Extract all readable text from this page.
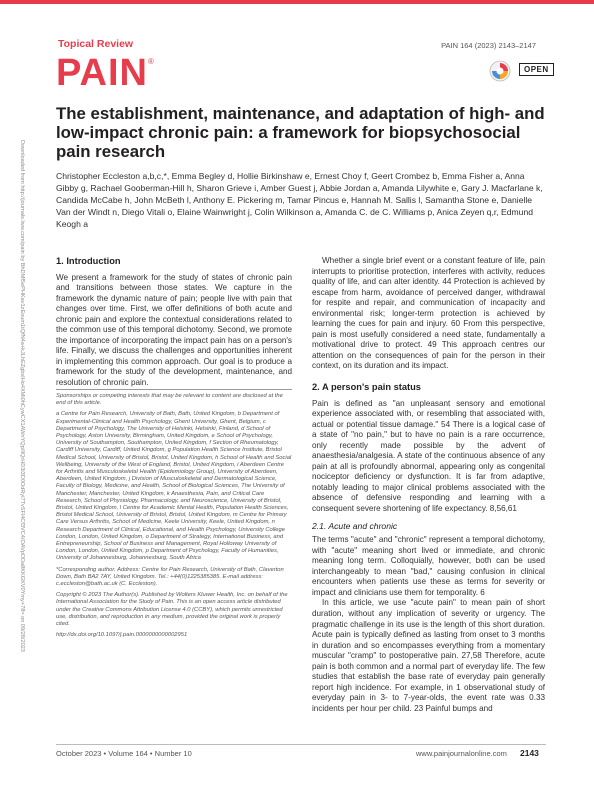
Topical Review
PAIN®
PAIN 164 (2023) 2143–2147
OPEN
Downloaded from http://journals.lww.com/pain by BhDMf5ePHKav1zEoum1tQfN4a+kJLhEZgbsIHo4XMi0hCywCX1AWnYQp/IlQrHD3i3D0OdRyi7TvSFl4Cf3VC4/OAVpDDa8KKGKV0Ymy+78= on 09/28/2023
The establishment, maintenance, and adaptation of high- and low-impact chronic pain: a framework for biopsychosocial pain research
Christopher Eccleston a,b,c,*, Emma Begley d, Hollie Birkinshaw e, Ernest Choy f, Geert Crombez b, Emma Fisher a, Anna Gibby g, Rachael Gooberman-Hill h, Sharon Grieve i, Amber Guest j, Abbie Jordan a, Amanda Lilywhite e, Gary J. Macfarlane k, Candida McCabe h, John McBeth l, Anthony E. Pickering m, Tamar Pincus e, Hannah M. Sallis l, Samantha Stone e, Danielle Van der Windt n, Diego Vitali o, Elaine Wainwright j, Colin Wilkinson a, Amanda C. de C. Williams p, Anica Zeyen q,r, Edmund Keogh a
1. Introduction

We present a framework for the study of states of chronic pain and transitions between those states. We capture in the framework the dynamic nature of pain; people live with pain that changes over time. First, we offer definitions of both acute and chronic pain and explore the contextual considerations related to the common use of this temporal dichotomy. Second, we promote the importance of incorporating the impact pain has on a person's life. Finally, we discuss the challenges and opportunities inherent in implementing this common approach. Our goal is to produce a framework for the study of the development, maintenance, and resolution of chronic pain.

Sponsorships or competing interests that may be relevant to content are disclosed at the end of this article.

a Centre for Pain Research, University of Bath, Bath, United Kingdom, b Department of Experimental-Clinical and Health Psychology, Ghent University, Ghent, Belgium, c Department of Psychology, The University of Helsinki, Helsinki, Finland, d School of Psychology, Aston University, Birmingham, United Kingdom, e School of Psychology, University of Southampton, Southampton, United Kingdom, f Section of Rheumatology, Cardiff University, Cardiff, United Kingdom, g Population Health Science Institute, Bristol Medical School, University of Bristol, Bristol, United Kingdom, h School of Health and Social Wellbeing, University of the West of England, Bristol, United Kingdom, i Aberdeen Centre for Arthritis and Musculoskeletal Health (Epidemiology Group), University of Aberdeen, Aberdeen, United Kingdom, j Division of Musculoskeletal and Dermatological Science, Faculty of Biology, Medicine, and Health, School of Biological Sciences, The University of Manchester, Manchester, United Kingdom, k Anaesthesia, Pain, and Critical Care Research, School of Physiology, Pharmacology, and Neuroscience, University of Bristol, Bristol, United Kingdom, l Centre for Academic Mental Health, Population Health Sciences, Bristol Medical School, University of Bristol, Bristol, United Kingdom, m Centre for Primary Care Versus Arthritis, School of Medicine, Keele University, Keele, United Kingdom, n Research Department of Clinical, Educational, and Health Psychology, University College London, London, United Kingdom, o Department of Strategy, International Business, and Entrepreneurship, School of Business and Management, Royal Holloway University of London, London, United Kingdom, p Department of Psychology, Faculty of Humanities, University of Johannesburg, Johannesburg, South Africa

*Corresponding author. Address: Centre for Pain Research, University of Bath, Claverton Down, Bath BA2 7AY, United Kingdom. Tel.: +44(0)1225385385. E-mail address: c.eccleston@bath.ac.uk (C. Eccleston).

Copyright © 2023 The Author(s). Published by Wolters Kluwer Health, Inc. on behalf of the International Association for the Study of Pain. This is an open access article distributed under the Creative Commons Attribution License 4.0 (CCBY), which permits unrestricted use, distribution, and reproduction in any medium, provided the original work is properly cited.

http://dx.doi.org/10.1097/j.pain.0000000000002951

Whether a single brief event or a constant feature of life, pain interrupts to prioritise protection, interferes with activity, reduces quality of life, and can alter identity. 44 Protection is achieved by escape from harm, avoidance of perceived danger, withdrawal for respite and repair, and communication of incapacity and environmental risk; longer-term protection is achieved by learning the cues for pain and injury. 60 From this perspective, pain is most usefully considered a need state, fundamentally a motivational drive to protect. 49 This approach centres our attention on the consequences of pain for the person in their context, on its duration and its impact.

2. A person's pain status

Pain is defined as "an unpleasant sensory and emotional experience associated with, or resembling that associated with, actual or potential tissue damage." 54 There is a logical case of a state of "no pain," but to have no pain is a rare occurrence, only recently made possible by the advent of anaesthesia/analgesia. A state of the continuous absence of any pain at all is profoundly abnormal, appearing only as congenital nociceptor deficiency or dysfunction. It is far from adaptive, notably leading to major clinical problems associated with the absence of defensive responding and learning with a consequent severe shortening of life expectancy. 8,56,61

2.1. Acute and chronic

The terms "acute" and "chronic" represent a temporal dichotomy, with "acute" meaning short lived or immediate, and chronic meaning long term. Colloquially, however, both can be used interchangeably to mean "bad," causing confusion in clinical encounters when patients use these as terms for severity or impact and clinicians use them for temporality. 6

In this article, we use "acute pain" to mean pain of short duration, without any implication of severity or urgency. The pragmatic challenge in its use is the length of this short duration. Acute pain is typically defined as lasting from onset to 3 months in duration and so encompasses everything from a momentary muscular "cramp" to postoperative pain. 27,58 Therefore, acute pain is both common and a normal part of everyday life. The few studies that establish the base rate of everyday pain generally report high incidence. For example, in 1 observational study of everyday pain in 3- to 7-year-olds, the event rate was 0.33 incidents per hour per child. 23 Painful bumps and

October 2023 • Volume 164 • Number 10	www.painjournalonline.com 2143
